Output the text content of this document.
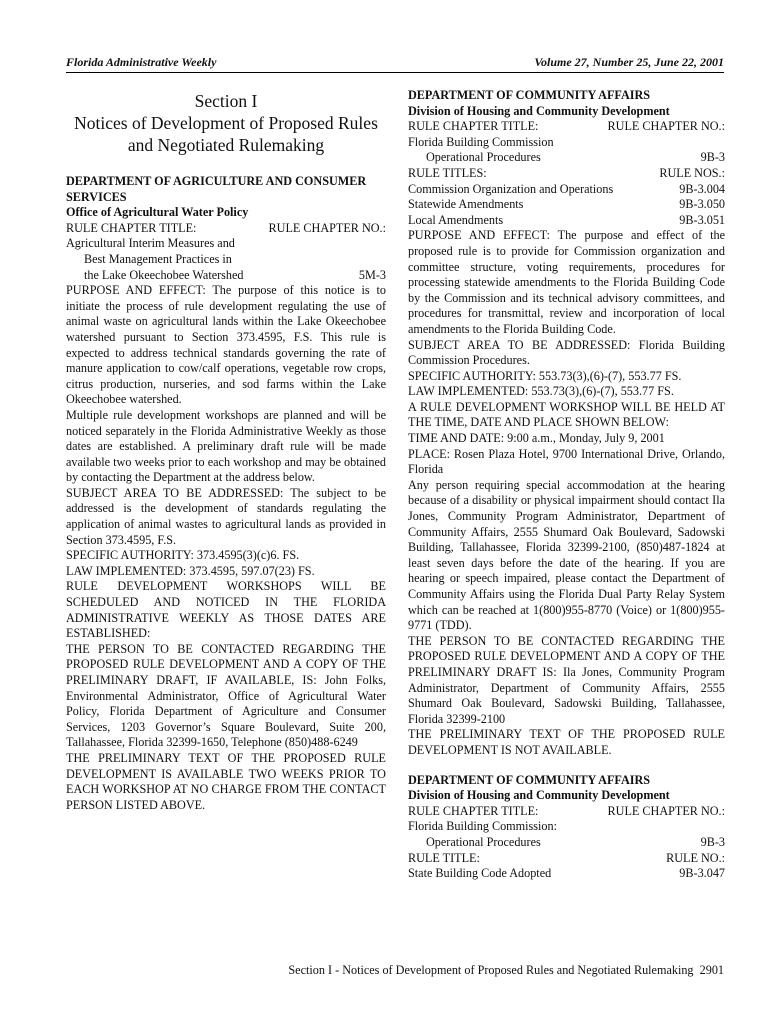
Florida Administrative Weekly	Volume 27, Number 25, June 22, 2001
Section I
Notices of Development of Proposed Rules
and Negotiated Rulemaking
DEPARTMENT OF AGRICULTURE AND CONSUMER
SERVICES
Office of Agricultural Water Policy
RULE CHAPTER TITLE:	RULE CHAPTER NO.:
Agricultural Interim Measures and
Best Management Practices in
the Lake Okeechobee Watershed	5M-3
PURPOSE AND EFFECT: The purpose of this notice is to initiate the process of rule development regulating the use of animal waste on agricultural lands within the Lake Okeechobee watershed pursuant to Section 373.4595, F.S. This rule is expected to address technical standards governing the rate of manure application to cow/calf operations, vegetable row crops, citrus production, nurseries, and sod farms within the Lake Okeechobee watershed.
Multiple rule development workshops are planned and will be noticed separately in the Florida Administrative Weekly as those dates are established. A preliminary draft rule will be made available two weeks prior to each workshop and may be obtained by contacting the Department at the address below.
SUBJECT AREA TO BE ADDRESSED: The subject to be addressed is the development of standards regulating the application of animal wastes to agricultural lands as provided in Section 373.4595, F.S.
SPECIFIC AUTHORITY: 373.4595(3)(c)6. FS.
LAW IMPLEMENTED: 373.4595, 597.07(23) FS.
RULE DEVELOPMENT WORKSHOPS WILL BE SCHEDULED AND NOTICED IN THE FLORIDA ADMINISTRATIVE WEEKLY AS THOSE DATES ARE ESTABLISHED:
THE PERSON TO BE CONTACTED REGARDING THE PROPOSED RULE DEVELOPMENT AND A COPY OF THE PRELIMINARY DRAFT, IF AVAILABLE, IS: John Folks, Environmental Administrator, Office of Agricultural Water Policy, Florida Department of Agriculture and Consumer Services, 1203 Governor’s Square Boulevard, Suite 200, Tallahassee, Florida 32399-1650, Telephone (850)488-6249
THE PRELIMINARY TEXT OF THE PROPOSED RULE DEVELOPMENT IS AVAILABLE TWO WEEKS PRIOR TO EACH WORKSHOP AT NO CHARGE FROM THE CONTACT PERSON LISTED ABOVE.
DEPARTMENT OF COMMUNITY AFFAIRS
Division of Housing and Community Development
RULE CHAPTER TITLE:	RULE CHAPTER NO.:
Florida Building Commission
Operational Procedures	9B-3
RULE TITLES:	RULE NOS.:
Commission Organization and Operations	9B-3.004
Statewide Amendments	9B-3.050
Local Amendments	9B-3.051
PURPOSE AND EFFECT: The purpose and effect of the proposed rule is to provide for Commission organization and committee structure, voting requirements, procedures for processing statewide amendments to the Florida Building Code by the Commission and its technical advisory committees, and procedures for transmittal, review and incorporation of local amendments to the Florida Building Code.
SUBJECT AREA TO BE ADDRESSED: Florida Building Commission Procedures.
SPECIFIC AUTHORITY: 553.73(3),(6)-(7), 553.77 FS.
LAW IMPLEMENTED: 553.73(3),(6)-(7), 553.77 FS.
A RULE DEVELOPMENT WORKSHOP WILL BE HELD AT THE TIME, DATE AND PLACE SHOWN BELOW:
TIME AND DATE: 9:00 a.m., Monday, July 9, 2001
PLACE: Rosen Plaza Hotel, 9700 International Drive, Orlando, Florida
Any person requiring special accommodation at the hearing because of a disability or physical impairment should contact Ila Jones, Community Program Administrator, Department of Community Affairs, 2555 Shumard Oak Boulevard, Sadowski Building, Tallahassee, Florida 32399-2100, (850)487-1824 at least seven days before the date of the hearing. If you are hearing or speech impaired, please contact the Department of Community Affairs using the Florida Dual Party Relay System which can be reached at 1(800)955-8770 (Voice) or 1(800)955-9771 (TDD).
THE PERSON TO BE CONTACTED REGARDING THE PROPOSED RULE DEVELOPMENT AND A COPY OF THE PRELIMINARY DRAFT IS: Ila Jones, Community Program Administrator, Department of Community Affairs, 2555 Shumard Oak Boulevard, Sadowski Building, Tallahassee, Florida 32399-2100
THE PRELIMINARY TEXT OF THE PROPOSED RULE DEVELOPMENT IS NOT AVAILABLE.
DEPARTMENT OF COMMUNITY AFFAIRS
Division of Housing and Community Development
RULE CHAPTER TITLE:	RULE CHAPTER NO.:
Florida Building Commission:
Operational Procedures	9B-3
RULE TITLE:	RULE NO.:
State Building Code Adopted	9B-3.047
Section I - Notices of Development of Proposed Rules and Negotiated Rulemaking 2901
